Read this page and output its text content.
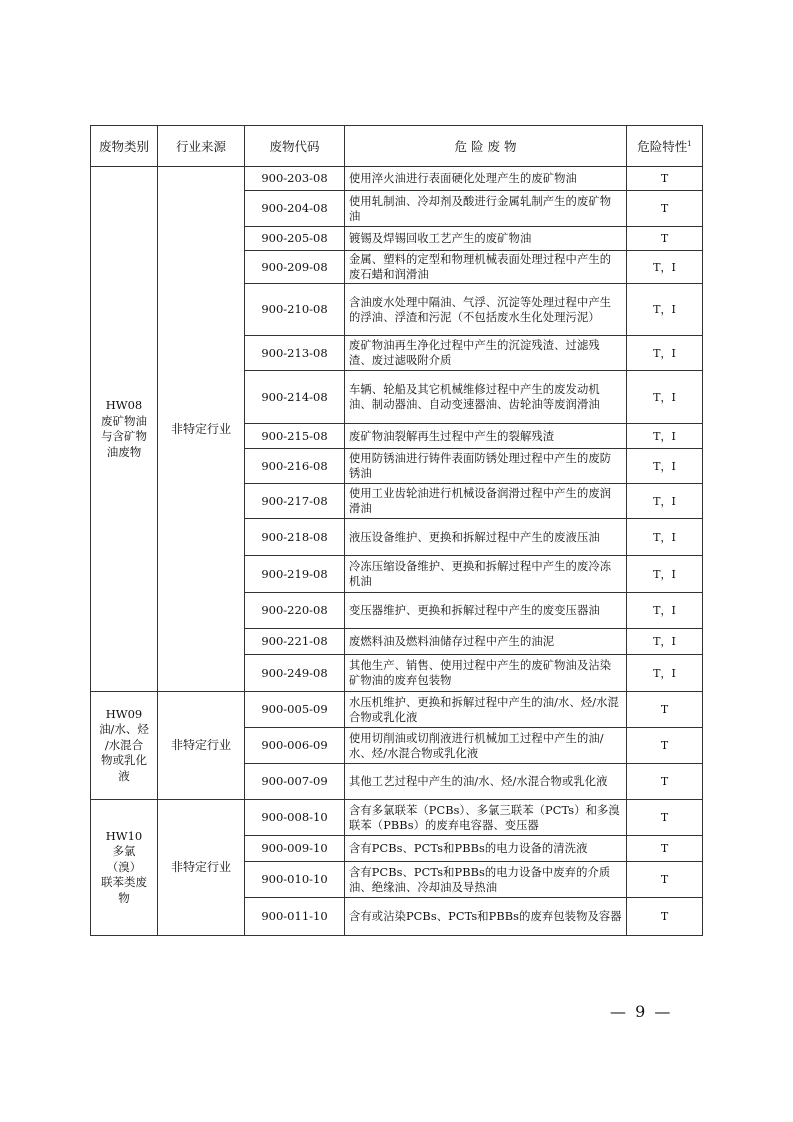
废物类别	行业来源	废物代码	危 险 废 物	危险特性$^1$
HW08
废矿物油
与含矿物
油废物	非特定行业	900-203-08	使用淬火油进行表面硬化处理产生的废矿物油	T
		900-204-08	使用轧制油、冷却剂及酸进行金属轧制产生的废矿物油	T
		900-205-08	镀锡及焊锡回收工艺产生的废矿物油	T
		900-209-08	金属、塑料的定型和物理机械表面处理过程中产生的废石蜡和润滑油	T，I
		900-210-08	含油废水处理中隔油、气浮、沉淀等处理过程中产生的浮油、浮渣和污泥（不包括废水生化处理污泥）	T，I
		900-213-08	废矿物油再生净化过程中产生的沉淀残渣、过滤残渣、废过滤吸附介质	T，I
		900-214-08	车辆、轮船及其它机械维修过程中产生的废发动机油、制动器油、自动变速器油、齿轮油等废润滑油	T，I
		900-215-08	废矿物油裂解再生过程中产生的裂解残渣	T，I
		900-216-08	使用防锈油进行铸件表面防锈处理过程中产生的废防锈油	T，I
		900-217-08	使用工业齿轮油进行机械设备润滑过程中产生的废润滑油	T，I
		900-218-08	液压设备维护、更换和拆解过程中产生的废液压油	T，I
		900-219-08	冷冻压缩设备维护、更换和拆解过程中产生的废冷冻机油	T，I
		900-220-08	变压器维护、更换和拆解过程中产生的废变压器油	T，I
		900-221-08	废燃料油及燃料油储存过程中产生的油泥	T，I
		900-249-08	其他生产、销售、使用过程中产生的废矿物油及沾染矿物油的废弃包装物	T，I
HW09
油/水、烃
/水混合
物或乳化
液	非特定行业	900-005-09	水压机维护、更换和拆解过程中产生的油/水、烃/水混合物或乳化液	T
		900-006-09	使用切削油或切削液进行机械加工过程中产生的油/水、烃/水混合物或乳化液	T
		900-007-09	其他工艺过程中产生的油/水、烃/水混合物或乳化液	T
HW10
多氯（溴）
联苯类废
物	非特定行业	900-008-10	含有多氯联苯（PCBs）、多氯三联苯（PCTs）和多溴联苯（PBBs）的废弃电容器、变压器	T
		900-009-10	含有PCBs、PCTs和PBBs的电力设备的清洗液	T
		900-010-10	含有PCBs、PCTs和PBBs的电力设备中废弃的介质油、绝缘油、冷却油及导热油	T
		900-011-10	含有或沾染PCBs、PCTs和PBBs的废弃包装物及容器	T
— 9 —
